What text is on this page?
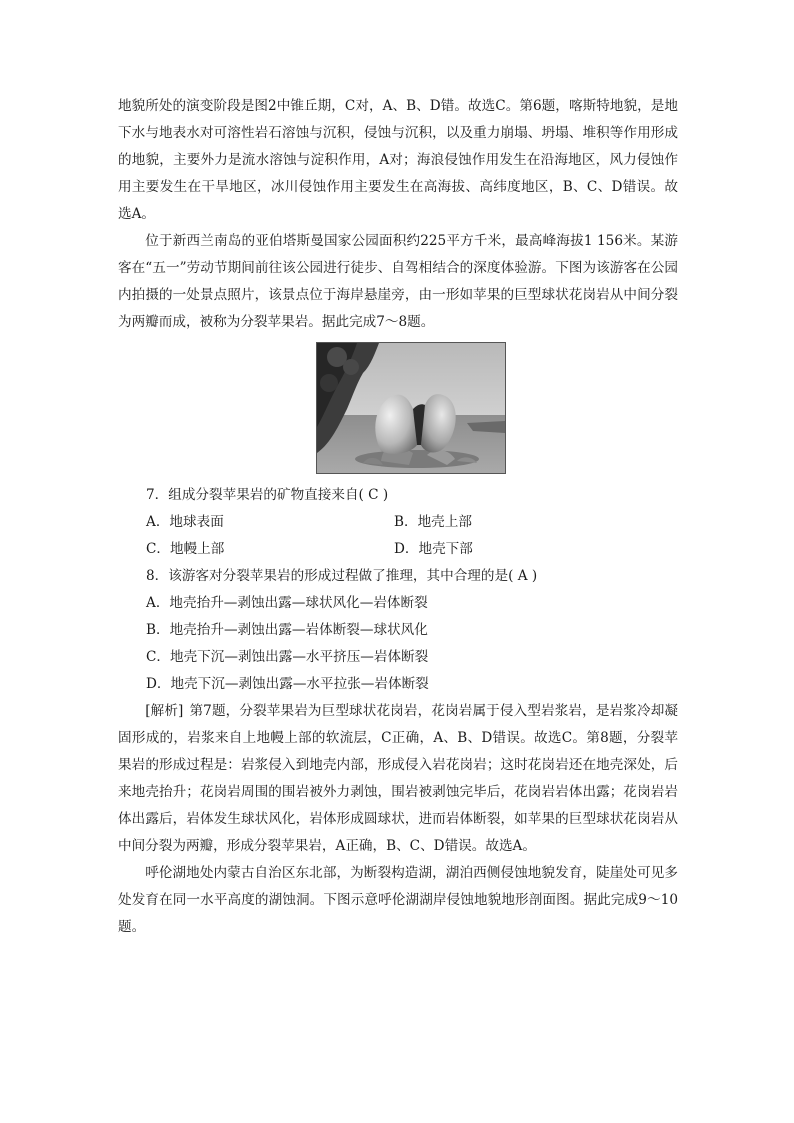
地貌所处的演变阶段是图2中锥丘期，C对，A、B、D错。故选C。第6题，喀斯特地貌，是地下水与地表水对可溶性岩石溶蚀与沉积，侵蚀与沉积，以及重力崩塌、坍塌、堆积等作用形成的地貌，主要外力是流水溶蚀与淀积作用，A对；海浪侵蚀作用发生在沿海地区，风力侵蚀作用主要发生在干旱地区，冰川侵蚀作用主要发生在高海拔、高纬度地区，B、C、D错误。故选A。

位于新西兰南岛的亚伯塔斯曼国家公园面积约225平方千米，最高峰海拔1 156米。某游客在“五一”劳动节期间前往该公园进行徒步、自驾相结合的深度体验游。下图为该游客在公园内拍摄的一处景点照片，该景点位于海岸悬崖旁，由一形如苹果的巨型球状花岗岩从中间分裂为两瓣而成，被称为分裂苹果岩。据此完成7～8题。

7．组成分裂苹果岩的矿物直接来自( C )

A．地球表面	B．地壳上部
C．地幔上部	D．地壳下部

8．该游客对分裂苹果岩的形成过程做了推理，其中合理的是( A )

A．地壳抬升—剥蚀出露—球状风化—岩体断裂
B．地壳抬升—剥蚀出露—岩体断裂—球状风化
C．地壳下沉—剥蚀出露—水平挤压—岩体断裂
D．地壳下沉—剥蚀出露—水平拉张—岩体断裂

[解析] 第7题，分裂苹果岩为巨型球状花岗岩，花岗岩属于侵入型岩浆岩，是岩浆冷却凝固形成的，岩浆来自上地幔上部的软流层，C正确，A、B、D错误。故选C。第8题，分裂苹果岩的形成过程是：岩浆侵入到地壳内部，形成侵入岩花岗岩；这时花岗岩还在地壳深处，后来地壳抬升；花岗岩周围的围岩被外力剥蚀，围岩被剥蚀完毕后，花岗岩岩体出露；花岗岩岩体出露后，岩体发生球状风化，岩体形成圆球状，进而岩体断裂，如苹果的巨型球状花岗岩从中间分裂为两瓣，形成分裂苹果岩，A正确，B、C、D错误。故选A。

呼伦湖地处内蒙古自治区东北部，为断裂构造湖，湖泊西侧侵蚀地貌发育，陡崖处可见多处发育在同一水平高度的湖蚀洞。下图示意呼伦湖湖岸侵蚀地貌地形剖面图。据此完成9～10题。
